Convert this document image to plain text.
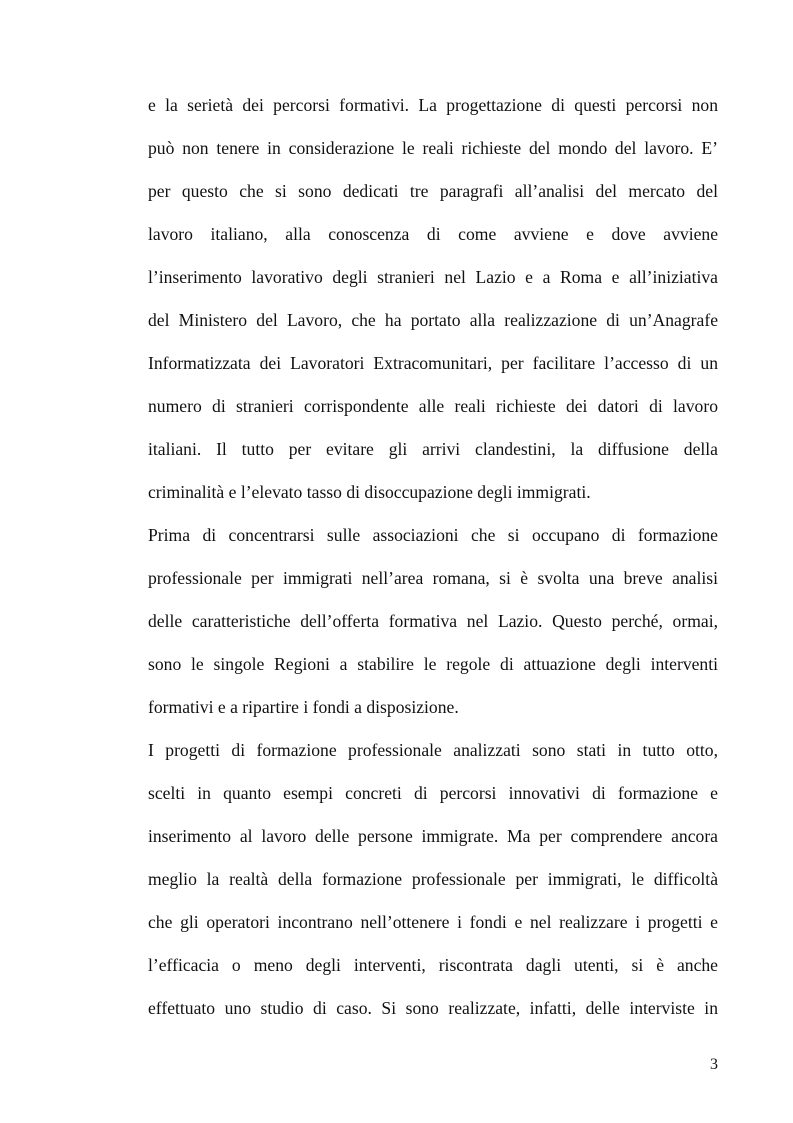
e la serietà dei percorsi formativi. La progettazione di questi percorsi non
può non tenere in considerazione le reali richieste del mondo del lavoro. E’
per questo che si sono dedicati tre paragrafi all’analisi del mercato del
lavoro italiano, alla conoscenza di come avviene e dove avviene
l’inserimento lavorativo degli stranieri nel Lazio e a Roma e all’iniziativa
del Ministero del Lavoro, che ha portato alla realizzazione di un’Anagrafe
Informatizzata dei Lavoratori Extracomunitari, per facilitare l’accesso di un
numero di stranieri corrispondente alle reali richieste dei datori di lavoro
italiani. Il tutto per evitare gli arrivi clandestini, la diffusione della
criminalità e l’elevato tasso di disoccupazione degli immigrati.
Prima di concentrarsi sulle associazioni che si occupano di formazione
professionale per immigrati nell’area romana, si è svolta una breve analisi
delle caratteristiche dell’offerta formativa nel Lazio. Questo perché, ormai,
sono le singole Regioni a stabilire le regole di attuazione degli interventi
formativi e a ripartire i fondi a disposizione.
I progetti di formazione professionale analizzati sono stati in tutto otto,
scelti in quanto esempi concreti di percorsi innovativi di formazione e
inserimento al lavoro delle persone immigrate. Ma per comprendere ancora
meglio la realtà della formazione professionale per immigrati, le difficoltà
che gli operatori incontrano nell’ottenere i fondi e nel realizzare i progetti e
l’efficacia o meno degli interventi, riscontrata dagli utenti, si è anche
effettuato uno studio di caso. Si sono realizzate, infatti, delle interviste in
3
